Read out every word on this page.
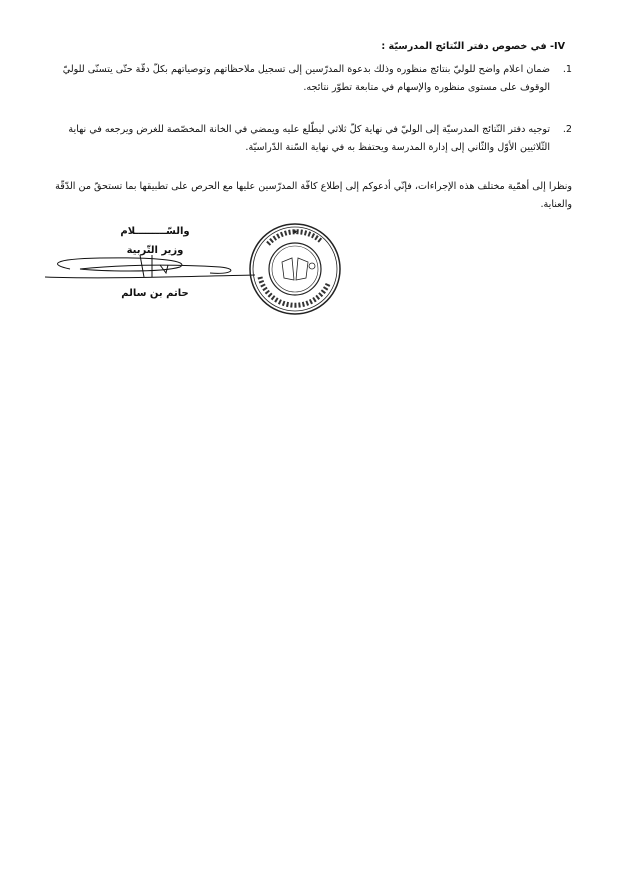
IV- في خصوص دفتر النّتائج المدرسيّة :
1.
ضمان اعلام واضح للوليّ بنتائج منظوره وذلك بدعوة المدرّسين إلى تسجيل ملاحظاتهم وتوصياتهم بكلّ دقّة حتّى يتسنّى للوليّ الوقوف على مستوى منظوره والإسهام في متابعة تطوّر نتائجه.
2.
توجيه دفتر النّتائج المدرسيّة إلى الوليّ في نهاية كلّ ثلاثي ليطّلع عليه ويمضي في الخانة المخصّصة للغرض ويرجعه في نهاية الثّلاثيين الأوّل والثّاني إلى إدارة المدرسة ويحتفظ به في نهاية السّنة الدّراسيّة.
ونظرا إلى أهمّية مختلف هذه الإجراءات، فإنّي أدعوكم إلى إطلاع كافّة المدرّسين عليها مع الحرص على تطبيقها بما تستحقّ من الدّقّة والعناية.
والسّـــــــــلام
وزير التّربية
حاتم بن سالم
★
